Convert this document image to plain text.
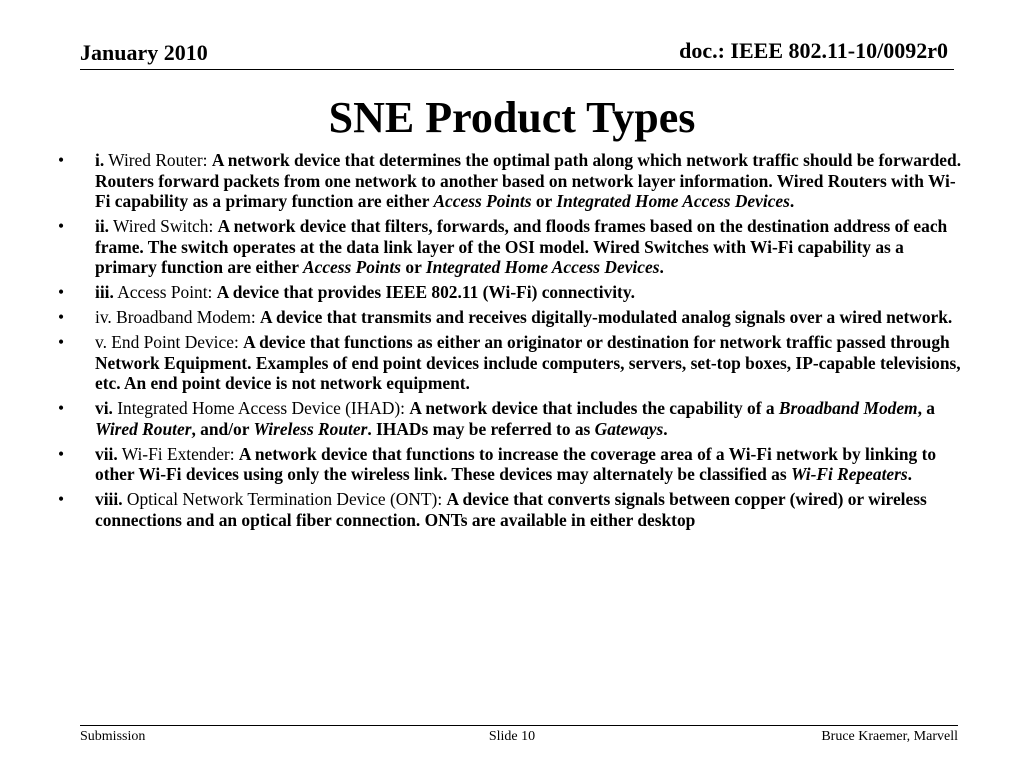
January 2010	doc.: IEEE 802.11-10/0092r0
SNE Product Types
• i. Wired Router: A network device that determines the optimal path along which network traffic should be forwarded. Routers forward packets from one network to another based on network layer information. Wired Routers with Wi-Fi capability as a primary function are either Access Points or Integrated Home Access Devices.
• ii. Wired Switch: A network device that filters, forwards, and floods frames based on the destination address of each frame. The switch operates at the data link layer of the OSI model. Wired Switches with Wi-Fi capability as a primary function are either Access Points or Integrated Home Access Devices.
• iii. Access Point: A device that provides IEEE 802.11 (Wi-Fi) connectivity.
• iv. Broadband Modem: A device that transmits and receives digitally-modulated analog signals over a wired network.
• v. End Point Device: A device that functions as either an originator or destination for network traffic passed through Network Equipment. Examples of end point devices include computers, servers, set-top boxes, IP-capable televisions, etc. An end point device is not network equipment.
• vi. Integrated Home Access Device (IHAD): A network device that includes the capability of a Broadband Modem, a Wired Router, and/or Wireless Router. IHADs may be referred to as Gateways.
• vii. Wi-Fi Extender: A network device that functions to increase the coverage area of a Wi-Fi network by linking to other Wi-Fi devices using only the wireless link. These devices may alternately be classified as Wi-Fi Repeaters.
• viii. Optical Network Termination Device (ONT): A device that converts signals between copper (wired) or wireless connections and an optical fiber connection. ONTs are available in either desktop
Submission	Slide 10	Bruce Kraemer, Marvell
